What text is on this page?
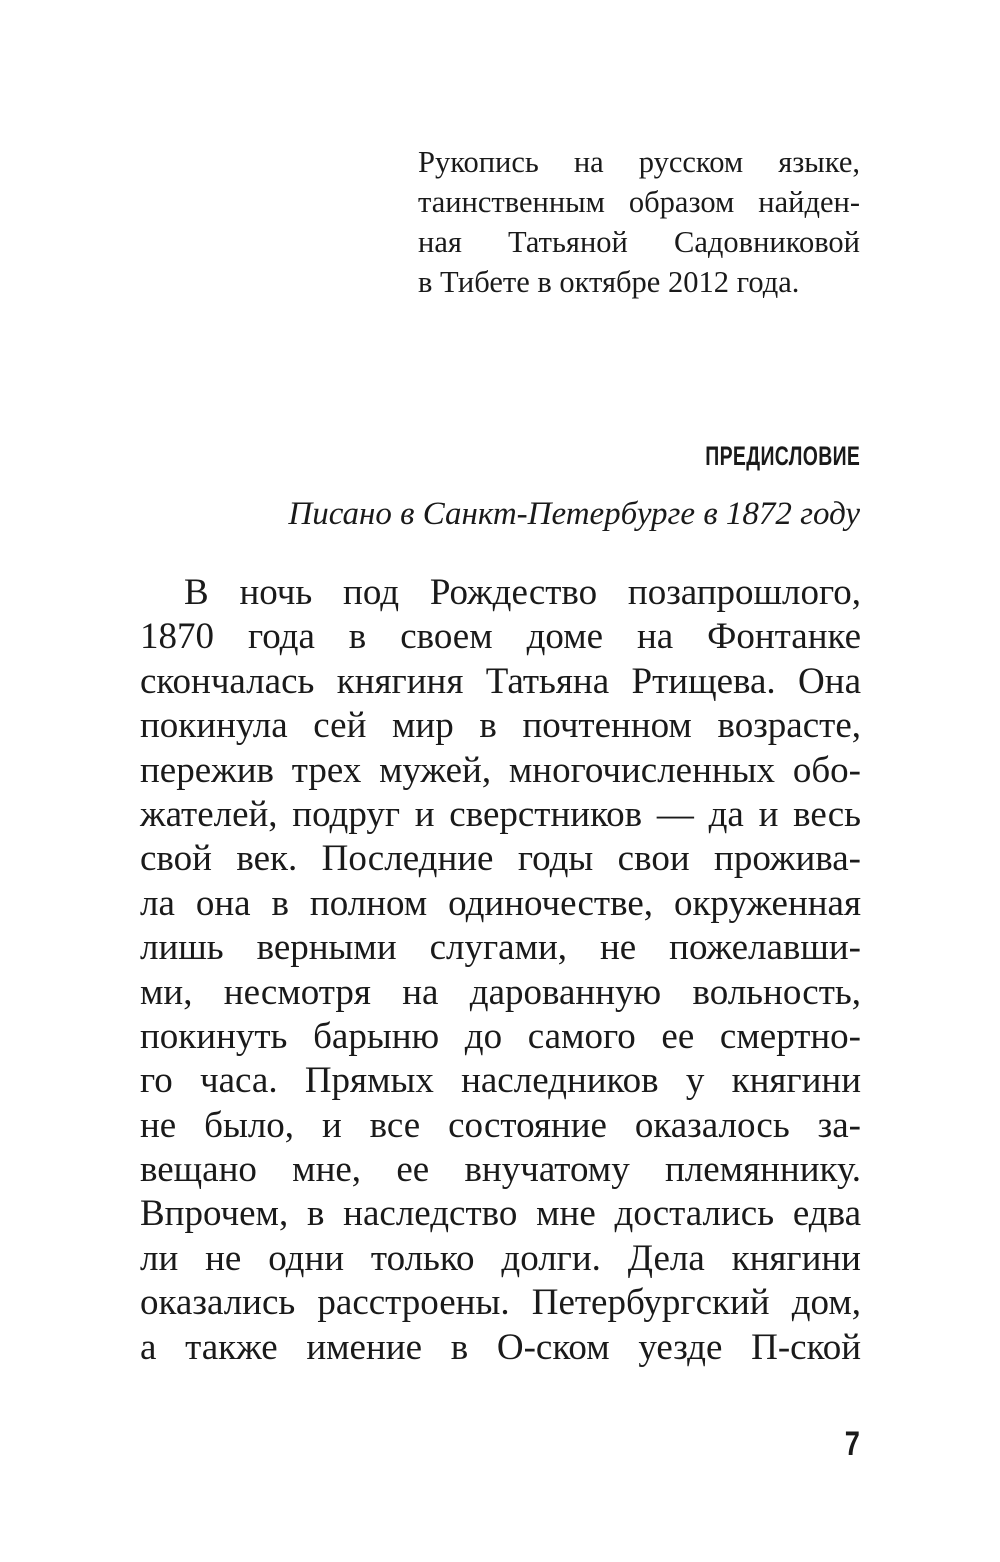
Рукопись на русском языке,
таинственным образом найден-
ная Татьяной Садовниковой
в Тибете в октябре 2012 года.
ПРЕДИСЛОВИЕ

Писано в Санкт-Петербурге в 1872 году

В ночь под Рождество позапрошлого,
1870 года в своем доме на Фонтанке
скончалась княгиня Татьяна Ртищева. Она
покинула сей мир в почтенном возрасте,
пережив трех мужей, многочисленных обо-
жателей, подруг и сверстников — да и весь
свой век. Последние годы свои прожива-
ла она в полном одиночестве, окруженная
лишь верными слугами, не пожелавши-
ми, несмотря на дарованную вольность,
покинуть барыню до самого ее смертно-
го часа. Прямых наследников у княгини
не было, и все состояние оказалось за-
вещано мне, ее внучатому племяннику.
Впрочем, в наследство мне достались едва
ли не одни только долги. Дела княгини
оказались расстроены. Петербургский дом,
а также имение в О-ском уезде П-ской
7
